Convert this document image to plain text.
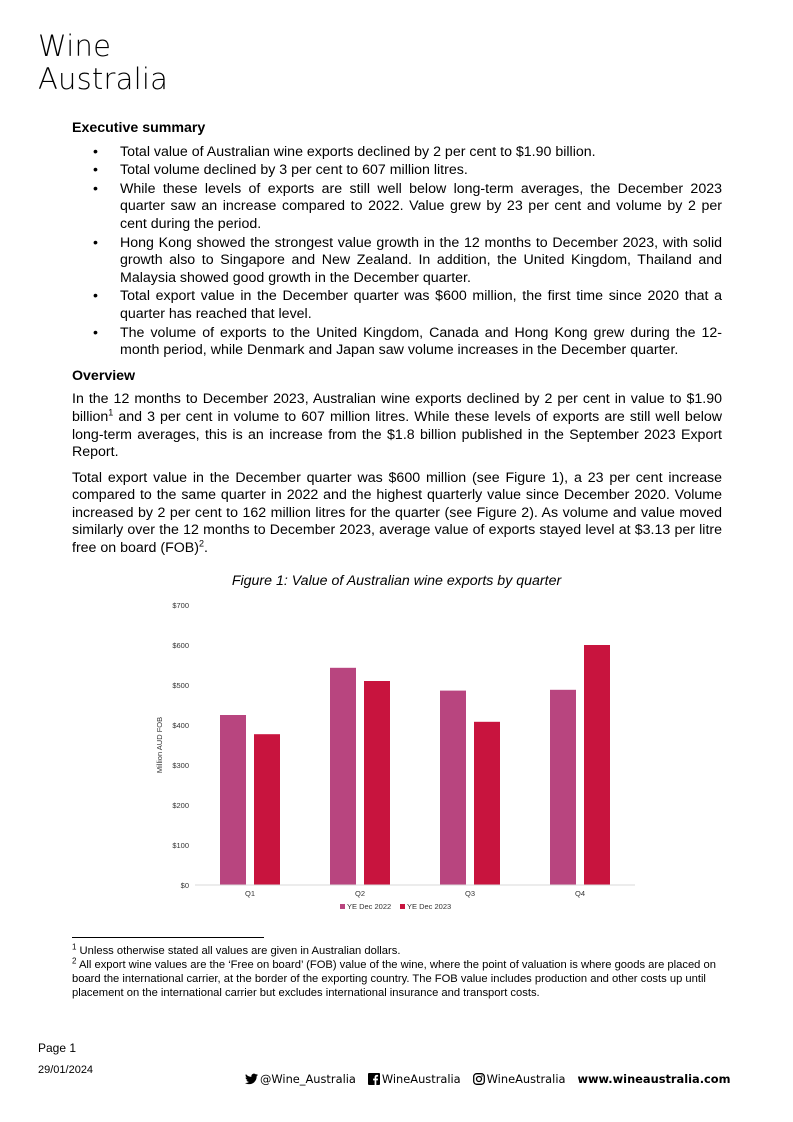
Wine
Australia
Executive summary
• Total value of Australian wine exports declined by 2 per cent to $1.90 billion.
• Total volume declined by 3 per cent to 607 million litres.
• While these levels of exports are still well below long-term averages, the December 2023 quarter saw an increase compared to 2022. Value grew by 23 per cent and volume by 2 per cent during the period.
• Hong Kong showed the strongest value growth in the 12 months to December 2023, with solid growth also to Singapore and New Zealand. In addition, the United Kingdom, Thailand and Malaysia showed good growth in the December quarter.
• Total export value in the December quarter was $600 million, the first time since 2020 that a quarter has reached that level.
• The volume of exports to the United Kingdom, Canada and Hong Kong grew during the 12-month period, while Denmark and Japan saw volume increases in the December quarter.
Overview

In the 12 months to December 2023, Australian wine exports declined by 2 per cent in value to $1.90 billion$^1$ and 3 per cent in volume to 607 million litres. While these levels of exports are still well below long-term averages, this is an increase from the $1.8 billion published in the September 2023 Export Report.

Total export value in the December quarter was $600 million (see Figure 1), a 23 per cent increase compared to the same quarter in 2022 and the highest quarterly value since December 2020. Volume increased by 2 per cent to 162 million litres for the quarter (see Figure 2). As volume and value moved similarly over the 12 months to December 2023, average value of exports stayed level at $3.13 per litre free on board (FOB)$^2$.

Figure 1: Value of Australian wine exports by quarter
$0
$100
$200
$300
$400
$500
$600
$700
Million AUD FOB
Q1	Q2	Q3	Q4
YE Dec 2022 YE Dec 2023
$^1$ Unless otherwise stated all values are given in Australian dollars.
$^2$ All export wine values are the ‘Free on board’ (FOB) value of the wine, where the point of valuation is where goods are placed on board the international carrier, at the border of the exporting country. The FOB value includes production and other costs up until placement on the international carrier but excludes international insurance and transport costs.
Page 1
29/01/2024
@Wine_Australia WineAustralia WineAustralia www.wineaustralia.com
